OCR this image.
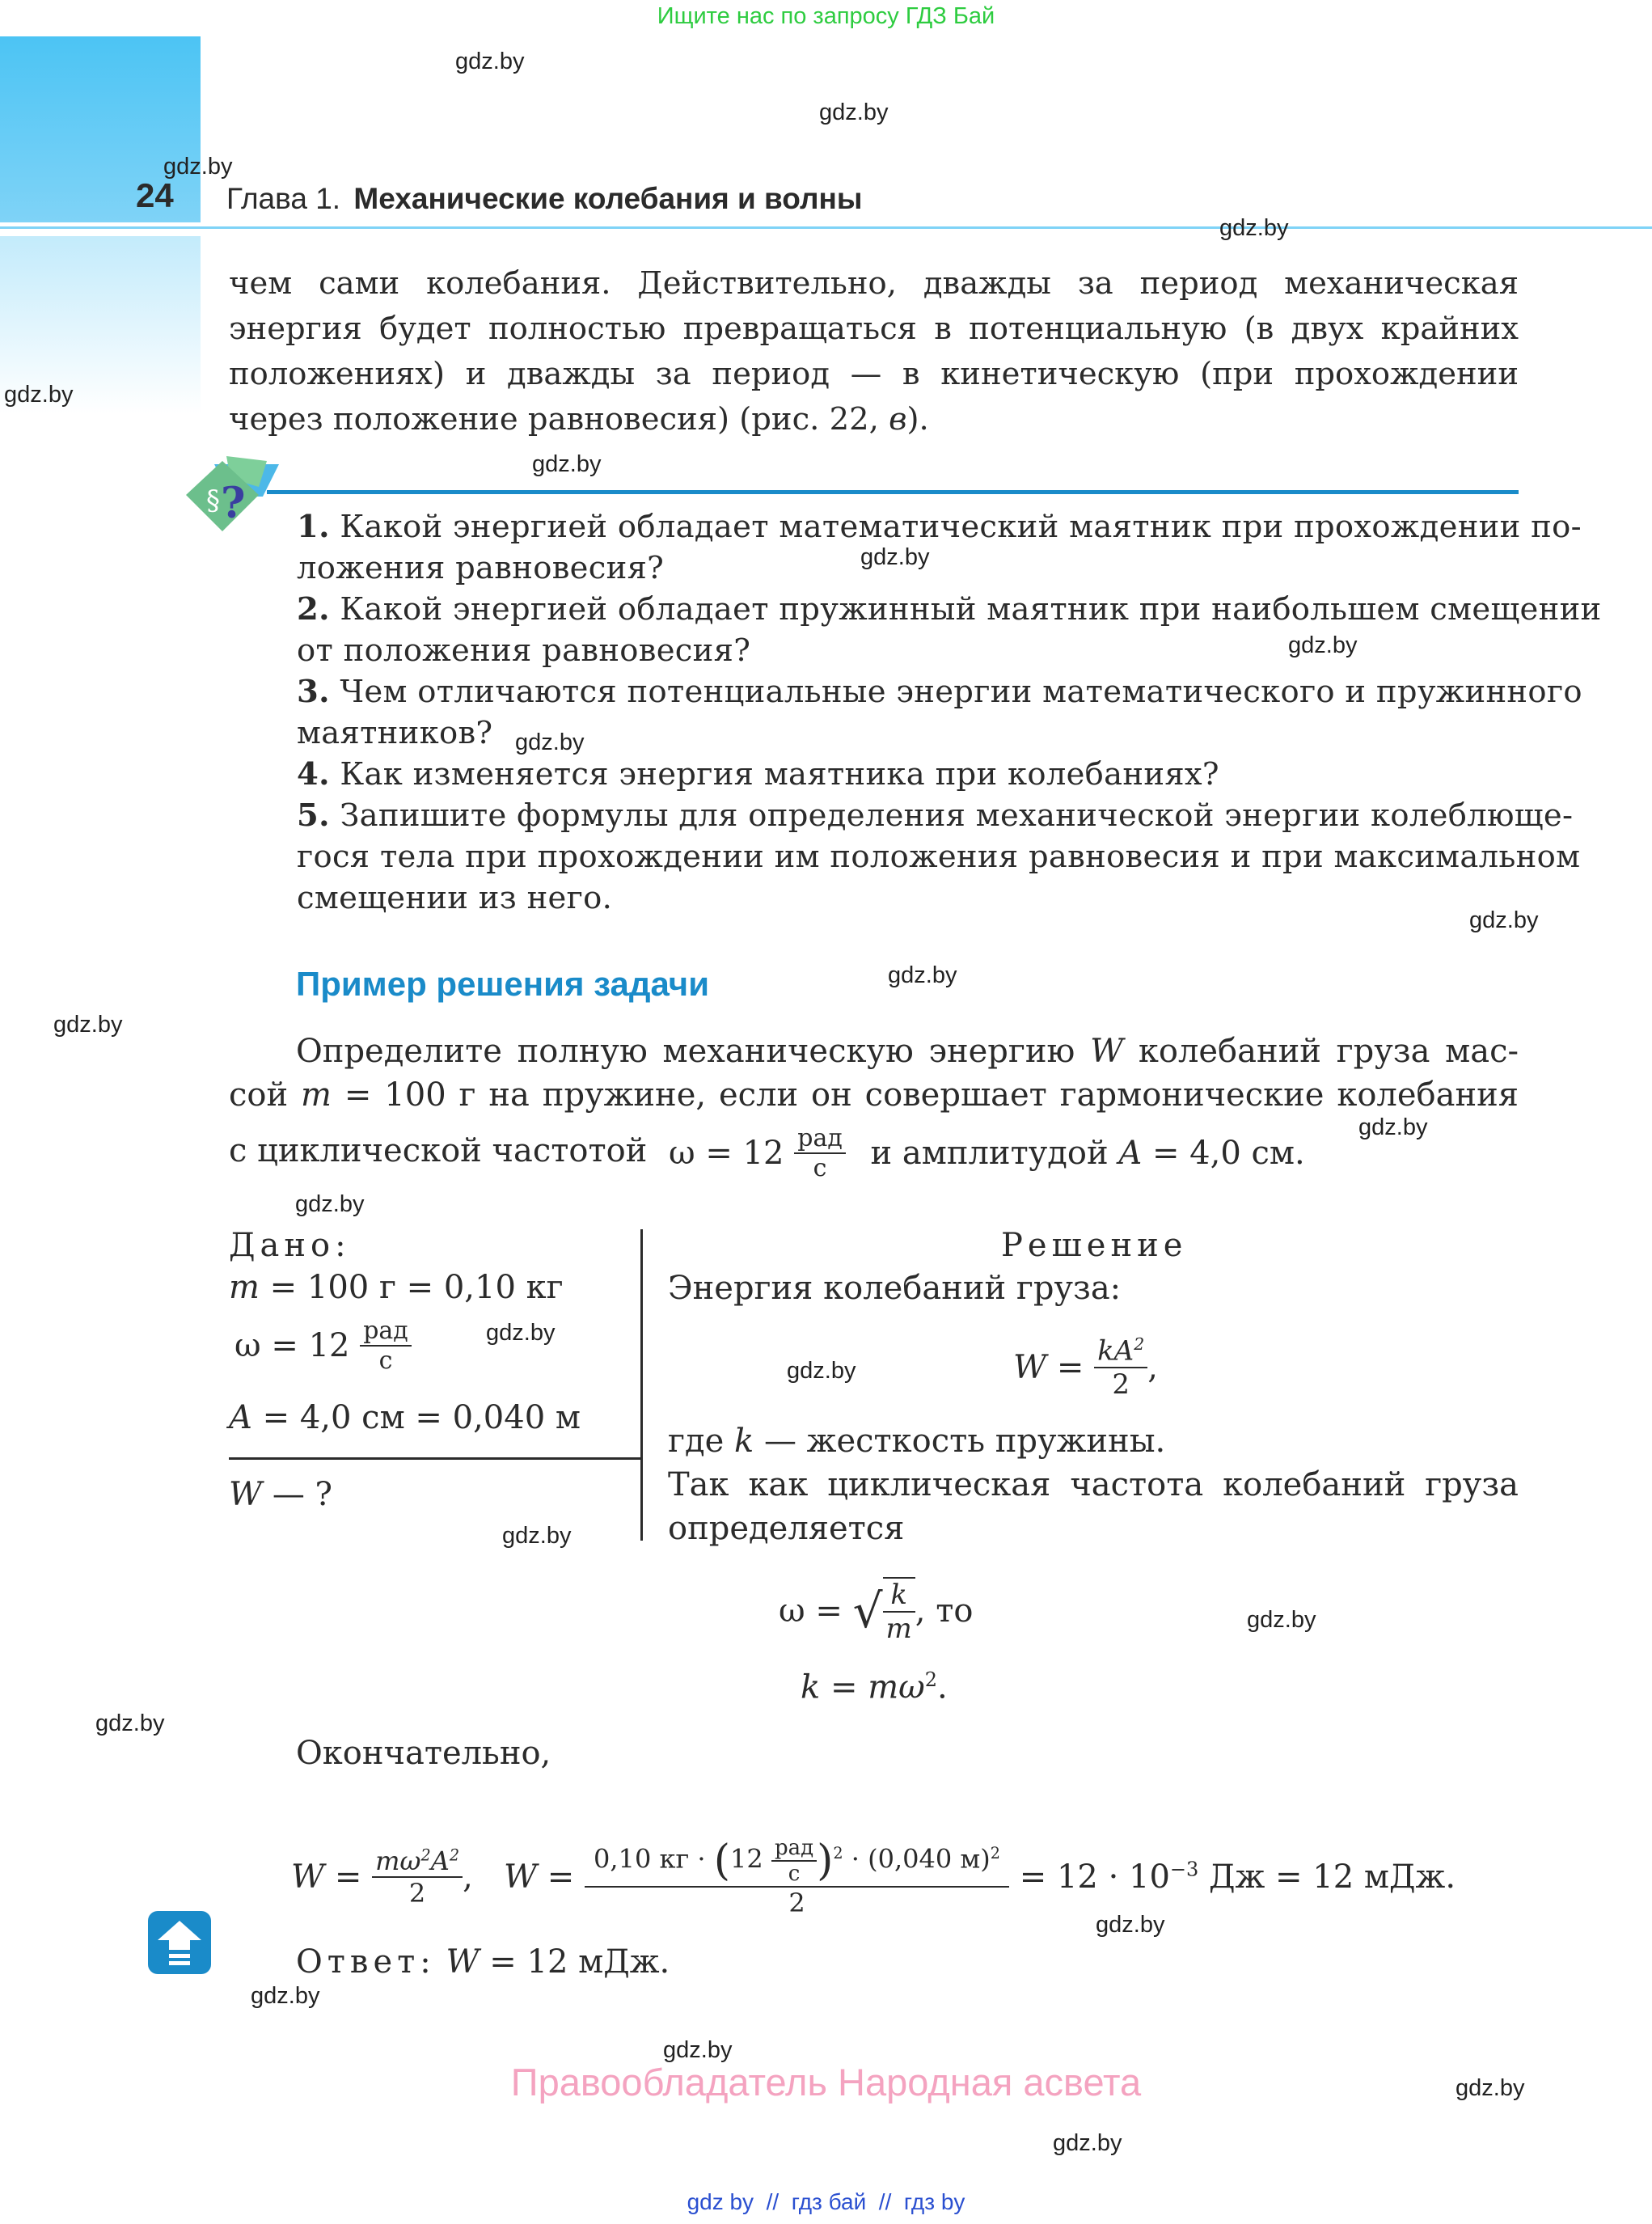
Ищите нас по запросу ГДЗ Бай
24 Глава 1. Механические колебания и волны
чем сами колебания. Действительно, дважды за период механическая
энергия будет полностью превращаться в потенциальную (в двух крайних
положениях) и дважды за период — в кинетическую (при прохождении
через положение равновесия) (рис. 22, в).
§ ? 1. Какой энергией обладает математический маятник при прохождении по-
ложения равновесия?
2. Какой энергией обладает пружинный маятник при наибольшем смещении
от положения равновесия?
3. Чем отличаются потенциальные энергии математического и пружинного
маятников?
4. Как изменяется энергия маятника при колебаниях?
5. Запишите формулы для определения механической энергии колеблюще-
гося тела при прохождении им положения равновесия и при максимальном
смещении из него.
Пример решения задачи
Определите полную механическую энергию W колебаний груза мас-
сой m = 100 г на пружине, если он совершает гармонические колебания
с циклической частотой $\omega = 12 \frac{\text{рад}}{с}$ и амплитудой A = 4,0 см.
Дано:
m = 100 г = 0,10 кг
$\omega = 12 \frac{\text{рад}}{с}$
A = 4,0 см = 0,040 м
W — ?
Решение
Энергия колебаний груза:
$W = \frac{kA^2}{2}$ ,
где k — жесткость пружины.
Так как циклическая частота колебаний груза
определяется
ω = √ $\frac{k}{m}$ , то
$k = m\omega^2$.
Окончательно,
$W = \frac{m\omega^2A^2}{2}$ ,   $W = \frac{0,10 кг \cdot (12 \frac{\text{рад}}{с} )^2 \cdot (0,040 м)^2}{2} = 12 \cdot 10^{-3}$ Дж = 12 мДж.
Ответ: W = 12 мДж.
Правообладатель Народная асвета
gdz by  //  гдз бай  //  гдз by
gdz.by
gdz.by
gdz.by
gdz.by
gdz.by
gdz.by
gdz.by
gdz.by
gdz.by
gdz.by
gdz.by
gdz.by
gdz.by
gdz.by
gdz.by
gdz.by
gdz.by
gdz.by
gdz.by
gdz.by
gdz.by
gdz.by
gdz.by
gdz.by
